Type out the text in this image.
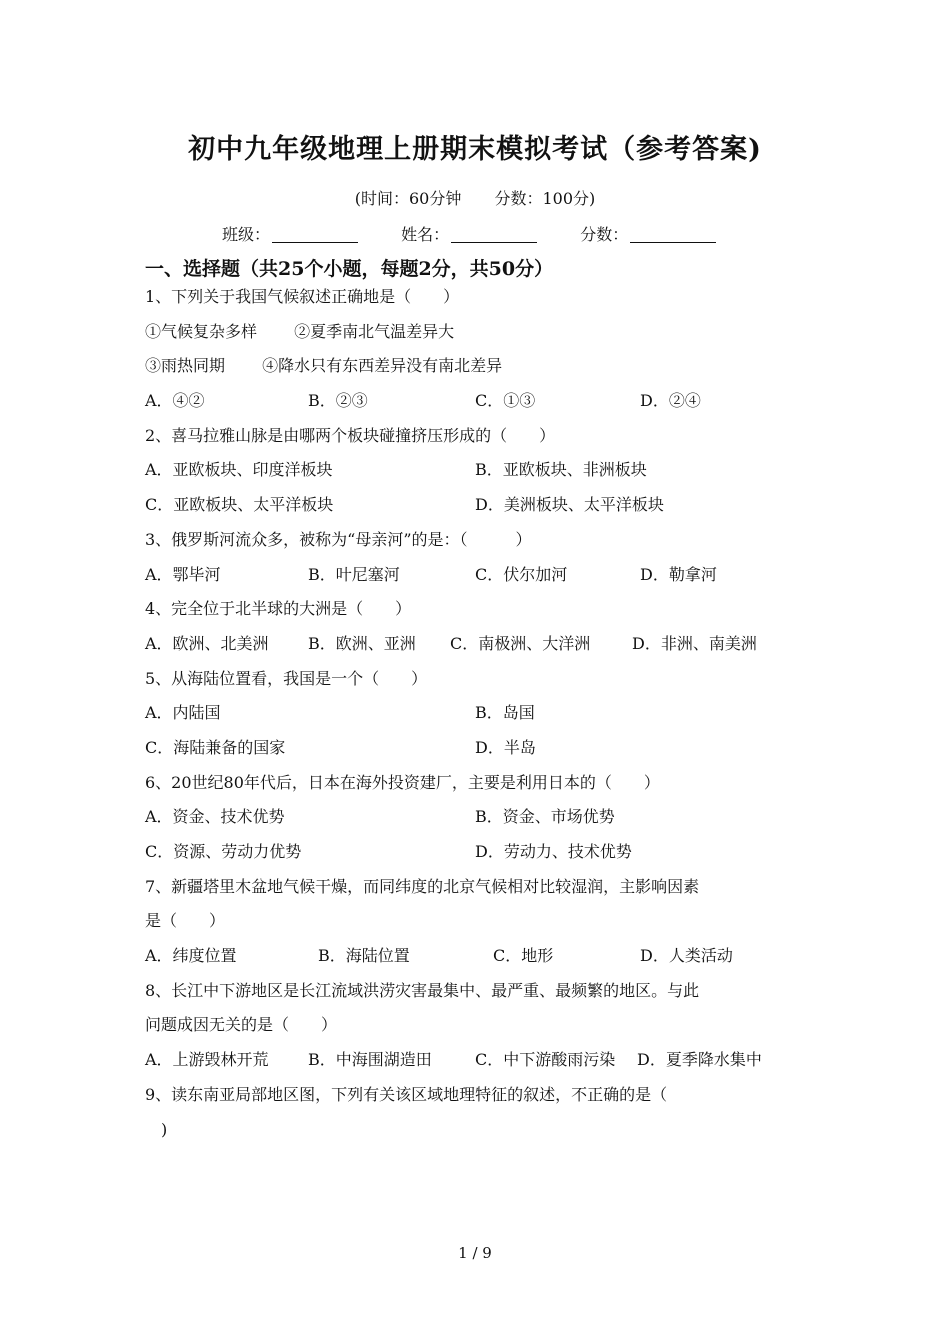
初中九年级地理上册期末模拟考试（参考答案)
(时间：60分钟 分数：100分)
班级：	姓名：	分数：
一、选择题（共25个小题，每题2分，共50分）
1、下列关于我国气候叙述正确地是（　　）
①气候复杂多样　　 ②夏季南北气温差异大
③雨热同期　　 ④降水只有东西差异没有南北差异
A．④②	B．②③	C．①③	D．②④
2、喜马拉雅山脉是由哪两个板块碰撞挤压形成的（　　）
A．亚欧板块、印度洋板块	B．亚欧板块、非洲板块
C．亚欧板块、太平洋板块	D．美洲板块、太平洋板块
3、俄罗斯河流众多，被称为“母亲河”的是：（　　　）
A．鄂毕河	B．叶尼塞河	C．伏尔加河	D．勒拿河
4、完全位于北半球的大洲是（　　）
A．欧洲、北美洲 B．欧洲、亚洲 C．南极洲、大洋洲	D．非洲、南美洲
5、从海陆位置看，我国是一个（　　）
A．内陆国	B．岛国
C．海陆兼备的国家	D．半岛
6、20世纪80年代后，日本在海外投资建厂，主要是利用日本的（　　）
A．资金、技术优势	B．资金、市场优势
C．资源、劳动力优势	D．劳动力、技术优势
7、新疆塔里木盆地气候干燥，而同纬度的北京气候相对比较湿润，主影响因素
是（　　）
A．纬度位置	B．海陆位置	C．地形	D．人类活动
8、长江中下游地区是长江流域洪涝灾害最集中、最严重、最频繁的地区。与此
问题成因无关的是（　　）
A．上游毁林开荒 B．中海围湖造田	C．中下游酸雨污染 D．夏季降水集中
9、读东南亚局部地区图，下列有关该区域地理特征的叙述，不正确的是（
　)
1 / 9
